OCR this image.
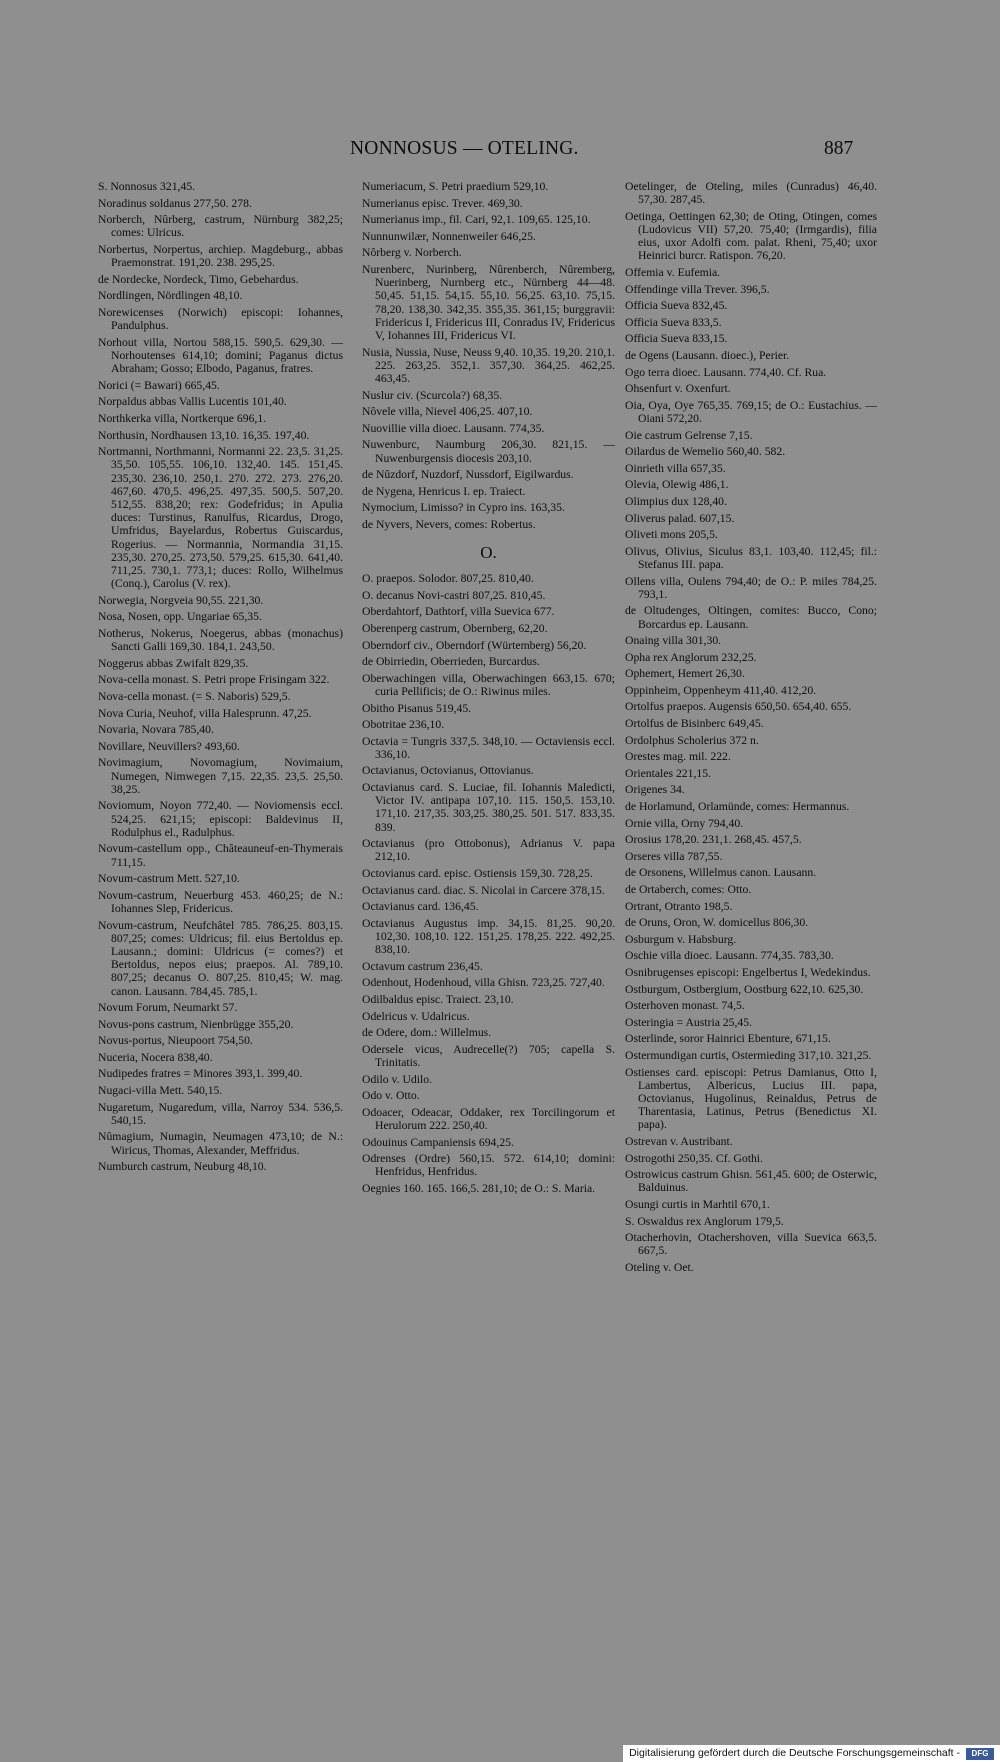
NONNOSUS — OTELING.	887
S. Nonnosus 321,45.
Noradinus soldanus 277,50. 278.
Norberch, Nûrberg, castrum, Nürnburg 382,25; comes: Ulricus.
Norbertus, Norpertus, archiep. Magdeburg., abbas Praemonstrat. 191,20. 238. 295,25.
de Nordecke, Nordeck, Timo, Gebehardus.
Nordlingen, Nördlingen 48,10.
Norewicenses (Norwich) episcopi: Iohannes, Pandulphus.
Norhout villa, Nortou 588,15. 590,5. 629,30. — Norhoutenses 614,10; domini; Paganus dictus Abraham; Gosso; Elbodo, Paganus, fratres.
Norici (= Bawari) 665,45.
Norpaldus abbas Vallis Lucentis 101,40.
Northkerka villa, Nortkerque 696,1.
Northusin, Nordhausen 13,10. 16,35. 197,40.
Nortmanni, Northmanni, Normanni 22. 23,5. 31,25. 35,50. 105,55. 106,10. 132,40. 145. 151,45. 235,30. 236,10. 250,1. 270. 272. 273. 276,20. 467,60. 470,5. 496,25. 497,35. 500,5. 507,20. 512,55. 838,20; rex: Godefridus; in Apulia duces: Turstinus, Ranulfus, Ricardus, Drogo, Umfridus, Bayelardus, Robertus Guiscardus, Rogerius. — Normannia, Normandia 31,15. 235,30. 270,25. 273,50. 579,25. 615,30. 641,40. 711,25. 730,1. 773,1; duces: Rollo, Wilhelmus (Conq.), Carolus (V. rex).
Norwegia, Norgveia 90,55. 221,30.
Nosa, Nosen, opp. Ungariae 65,35.
Notherus, Nokerus, Noegerus, abbas (monachus) Sancti Galli 169,30. 184,1. 243,50.
Noggerus abbas Zwifalt 829,35.
Nova-cella monast. S. Petri prope Frisingam 322.
Nova-cella monast. (= S. Naboris) 529,5.
Nova Curia, Neuhof, villa Halesprunn. 47,25.
Novaria, Novara 785,40.
Novillare, Neuvillers? 493,60.
Novimagium, Novomagium, Novimaium, Numegen, Nimwegen 7,15. 22,35. 23,5. 25,50. 38,25.
Noviomum, Noyon 772,40. — Noviomensis eccl. 524,25. 621,15; episcopi: Baldevinus II, Rodulphus el., Radulphus.
Novum-castellum opp., Châteauneuf-en-Thymerais 711,15.
Novum-castrum Mett. 527,10.
Novum-castrum, Neuerburg 453. 460,25; de N.: Iohannes Slep, Fridericus.
Novum-castrum, Neufchâtel 785. 786,25. 803,15. 807,25; comes: Uldricus; fil. eius Bertoldus ep. Lausann.; domini: Uldricus (= comes?) et Bertoldus, nepos eius; praepos. Al. 789,10. 807,25; decanus O. 807,25. 810,45; W. mag. canon. Lausann. 784,45. 785,1.
Novum Forum, Neumarkt 57.
Novus-pons castrum, Nienbrügge 355,20.
Novus-portus, Nieupoort 754,50.
Nuceria, Nocera 838,40.
Nudipedes fratres = Minores 393,1. 399,40.
Nugaci-villa Mett. 540,15.
Nugaretum, Nugaredum, villa, Narroy 534. 536,5. 540,15.
Nûmagium, Numagin, Neumagen 473,10; de N.: Wiricus, Thomas, Alexander, Meffridus.
Numburch castrum, Neuburg 48,10.
Numeriacum, S. Petri praedium 529,10.
Numerianus episc. Trever. 469,30.
Numerianus imp., fil. Cari, 92,1. 109,65. 125,10.
Nunnunwilær, Nonnenweiler 646,25.
Nôrberg v. Norberch.
Nurenberc, Nurinberg, Nûrenberch, Nûremberg, Nuerinberg, Nurnberg etc., Nürnberg 44—48. 50,45. 51,15. 54,15. 55,10. 56,25. 63,10. 75,15. 78,20. 138,30. 342,35. 355,35. 361,15; burggravii: Fridericus I, Fridericus III, Conradus IV, Fridericus V, Iohannes III, Fridericus VI.
Nusia, Nussia, Nuse, Neuss 9,40. 10,35. 19,20. 210,1. 225. 263,25. 352,1. 357,30. 364,25. 462,25. 463,45.
Nuslur civ. (Scurcola?) 68,35.
Nôvele villa, Nievel 406,25. 407,10.
Nuovillie villa dioec. Lausann. 774,35.
Nuwenburc, Naumburg 206,30. 821,15. — Nuwenburgensis diocesis 203,10.
de Nûzdorf, Nuzdorf, Nussdorf, Eigilwardus.
de Nygena, Henricus I. ep. Traiect.
Nymocium, Limisso? in Cypro ins. 163,35.
de Nyvers, Nevers, comes: Robertus.
O.
O. praepos. Solodor. 807,25. 810,40.
O. decanus Novi-castri 807,25. 810,45.
Oberdahtorf, Dathtorf, villa Suevica 677.
Oberenperg castrum, Obernberg, 62,20.
Oberndorf civ., Oberndorf (Würtemberg) 56,20.
de Obirriedin, Oberrieden, Burcardus.
Oberwachingen villa, Oberwachingen 663,15. 670; curia Pellificis; de O.: Riwinus miles.
Obitho Pisanus 519,45.
Obotritae 236,10.
Octavia = Tungris 337,5. 348,10. — Octaviensis eccl. 336,10.
Octavianus, Octovianus, Ottovianus.
Octavianus card. S. Luciae, fil. Iohannis Maledicti, Victor IV. antipapa 107,10. 115. 150,5. 153,10. 171,10. 217,35. 303,25. 380,25. 501. 517. 833,35. 839.
Octavianus (pro Ottobonus), Adrianus V. papa 212,10.
Octovianus card. episc. Ostiensis 159,30. 728,25.
Octavianus card. diac. S. Nicolai in Carcere 378,15.
Octavianus card. 136,45.
Octavianus Augustus imp. 34,15. 81,25. 90,20. 102,30. 108,10. 122. 151,25. 178,25. 222. 492,25. 838,10.
Octavum castrum 236,45.
Odenhout, Hodenhoud, villa Ghisn. 723,25. 727,40.
Odilbaldus episc. Traiect. 23,10.
Odelricus v. Udalricus.
de Odere, dom.: Willelmus.
Odersele vicus, Audrecelle(?) 705; capella S. Trinitatis.
Odilo v. Udilo.
Odo v. Otto.
Odoacer, Odeacar, Oddaker, rex Torcilingorum et Herulorum 222. 250,40.
Odouinus Campaniensis 694,25.
Odrenses (Ordre) 560,15. 572. 614,10; domini: Henfridus, Henfridus.
Oegnies 160. 165. 166,5. 281,10; de O.: S. Maria.
Oetelinger, de Oteling, miles (Cunradus) 46,40. 57,30. 287,45.
Oetinga, Oettingen 62,30; de Oting, Otingen, comes (Ludovicus VII) 57,20. 75,40; (Irmgardis), filia eius, uxor Adolfi com. palat. Rheni, 75,40; uxor Heinrici burcr. Ratispon. 76,20.
Offemia v. Eufemia.
Offendinge villa Trever. 396,5.
Officia Sueva 832,45.
Officia Sueva 833,5.
Officia Sueva 833,15.
de Ogens (Lausann. dioec.), Perier.
Ogo terra dioec. Lausann. 774,40. Cf. Rua.
Ohsenfurt v. Oxenfurt.
Oia, Oya, Oye 765,35. 769,15; de O.: Eustachius. — Oiani 572,20.
Oie castrum Gelrense 7,15.
Oilardus de Wemelio 560,40. 582.
Oinrieth villa 657,35.
Olevia, Olewig 486,1.
Olimpius dux 128,40.
Oliverus palad. 607,15.
Oliveti mons 205,5.
Olivus, Olivius, Siculus 83,1. 103,40. 112,45; fil.: Stefanus III. papa.
Ollens villa, Oulens 794,40; de O.: P. miles 784,25. 793,1.
de Oltudenges, Oltingen, comites: Bucco, Cono; Borcardus ep. Lausann.
Onaing villa 301,30.
Opha rex Anglorum 232,25.
Ophemert, Hemert 26,30.
Oppinheim, Oppenheym 411,40. 412,20.
Ortolfus praepos. Augensis 650,50. 654,40. 655.
Ortolfus de Bisinberc 649,45.
Ordolphus Scholerius 372 n.
Orestes mag. mil. 222.
Orientales 221,15.
Origenes 34.
de Horlamund, Orlamünde, comes: Hermannus.
Ornie villa, Orny 794,40.
Orosius 178,20. 231,1. 268,45. 457,5.
Orseres villa 787,55.
de Orsonens, Willelmus canon. Lausann.
de Ortaberch, comes: Otto.
Ortrant, Otranto 198,5.
de Oruns, Oron, W. domicellus 806,30.
Osburgum v. Habsburg.
Oschie villa dioec. Lausann. 774,35. 783,30.
Osnibrugenses episcopi: Engelbertus I, Wedekindus.
Ostburgum, Ostbergium, Oostburg 622,10. 625,30.
Osterhoven monast. 74,5.
Osteringia = Austria 25,45.
Osterlinde, soror Hainrici Ebenture, 671,15.
Ostermundigan curtis, Ostermieding 317,10. 321,25.
Ostienses card. episcopi: Petrus Damianus, Otto I, Lambertus, Albericus, Lucius III. papa, Octovianus, Hugolinus, Reinaldus, Petrus de Tharentasia, Latinus, Petrus (Benedictus XI. papa).
Ostrevan v. Austribant.
Ostrogothi 250,35. Cf. Gothi.
Ostrowicus castrum Ghisn. 561,45. 600; de Osterwic, Balduinus.
Osungi curtis in Marhtil 670,1.
S. Oswaldus rex Anglorum 179,5.
Otacherhovin, Otachershoven, villa Suevica 663,5. 667,5.
Oteling v. Oet.
Digitalisierung gefördert durch die Deutsche Forschungsgemeinschaft -	DFG
